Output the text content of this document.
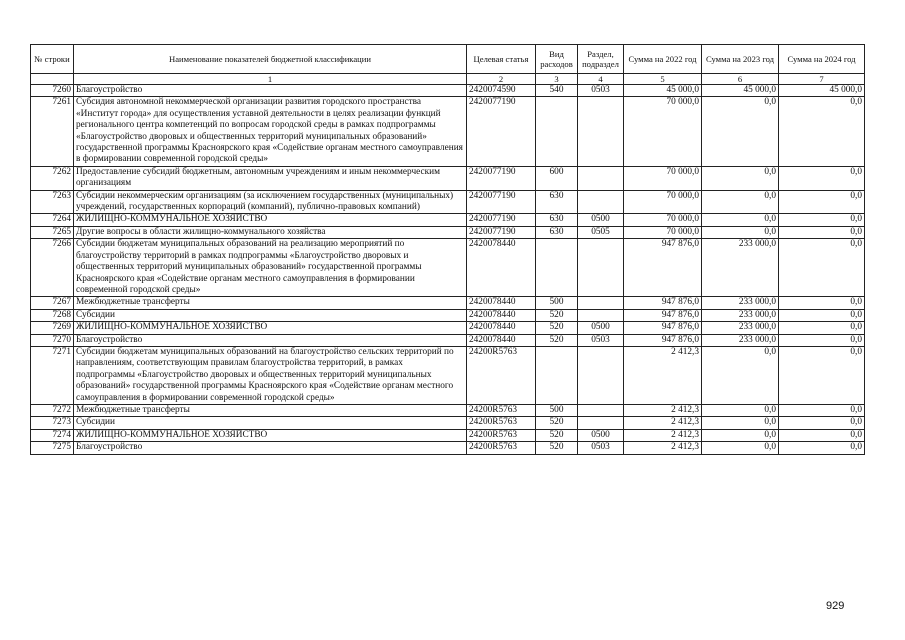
№ строки	Наименование показателей бюджетной классификации	Целевая статья	Вид расходов	Раздел, подраздел	Сумма на 2022 год	Сумма на 2023 год	Сумма на 2024 год
	1	2	3	4	5	6	7
7260	Благоустройство	2420074590	540	0503	45 000,0	45 000,0	45 000,0
7261	Субсидия автономной некоммерческой организации развития городского пространства «Институт города» для осуществления уставной деятельности в целях реализации функций регионального центра компетенций по вопросам городской среды в рамках подпрограммы «Благоустройство дворовых и общественных территорий муниципальных образований» государственной программы Красноярского края «Содействие органам местного самоуправления в формировании современной городской среды»	2420077190			70 000,0	0,0	0,0
7262	Предоставление субсидий бюджетным, автономным учреждениям и иным некоммерческим организациям	2420077190	600		70 000,0	0,0	0,0
7263	Субсидии некоммерческим организациям (за исключением государственных (муниципальных) учреждений, государственных корпораций (компаний), публично-правовых компаний)	2420077190	630		70 000,0	0,0	0,0
7264	ЖИЛИЩНО-КОММУНАЛЬНОЕ ХОЗЯЙСТВО	2420077190	630	0500	70 000,0	0,0	0,0
7265	Другие вопросы в области жилищно-коммунального хозяйства	2420077190	630	0505	70 000,0	0,0	0,0
7266	Субсидии бюджетам муниципальных образований на реализацию мероприятий по благоустройству территорий в рамках подпрограммы «Благоустройство дворовых и общественных территорий муниципальных образований» государственной программы Красноярского края «Содействие органам местного самоуправления в формировании современной городской среды»	2420078440			947 876,0	233 000,0	0,0
7267	Межбюджетные трансферты	2420078440	500		947 876,0	233 000,0	0,0
7268	Субсидии	2420078440	520		947 876,0	233 000,0	0,0
7269	ЖИЛИЩНО-КОММУНАЛЬНОЕ ХОЗЯЙСТВО	2420078440	520	0500	947 876,0	233 000,0	0,0
7270	Благоустройство	2420078440	520	0503	947 876,0	233 000,0	0,0
7271	Субсидии бюджетам муниципальных образований на благоустройство сельских территорий по направлениям, соответствующим правилам благоустройства территорий, в рамках подпрограммы «Благоустройство дворовых и общественных территорий муниципальных образований» государственной программы Красноярского края «Содействие органам местного самоуправления в формировании современной городской среды»	24200R5763			2 412,3	0,0	0,0
7272	Межбюджетные трансферты	24200R5763	500		2 412,3	0,0	0,0
7273	Субсидии	24200R5763	520		2 412,3	0,0	0,0
7274	ЖИЛИЩНО-КОММУНАЛЬНОЕ ХОЗЯЙСТВО	24200R5763	520	0500	2 412,3	0,0	0,0
7275	Благоустройство	24200R5763	520	0503	2 412,3	0,0	0,0
929
